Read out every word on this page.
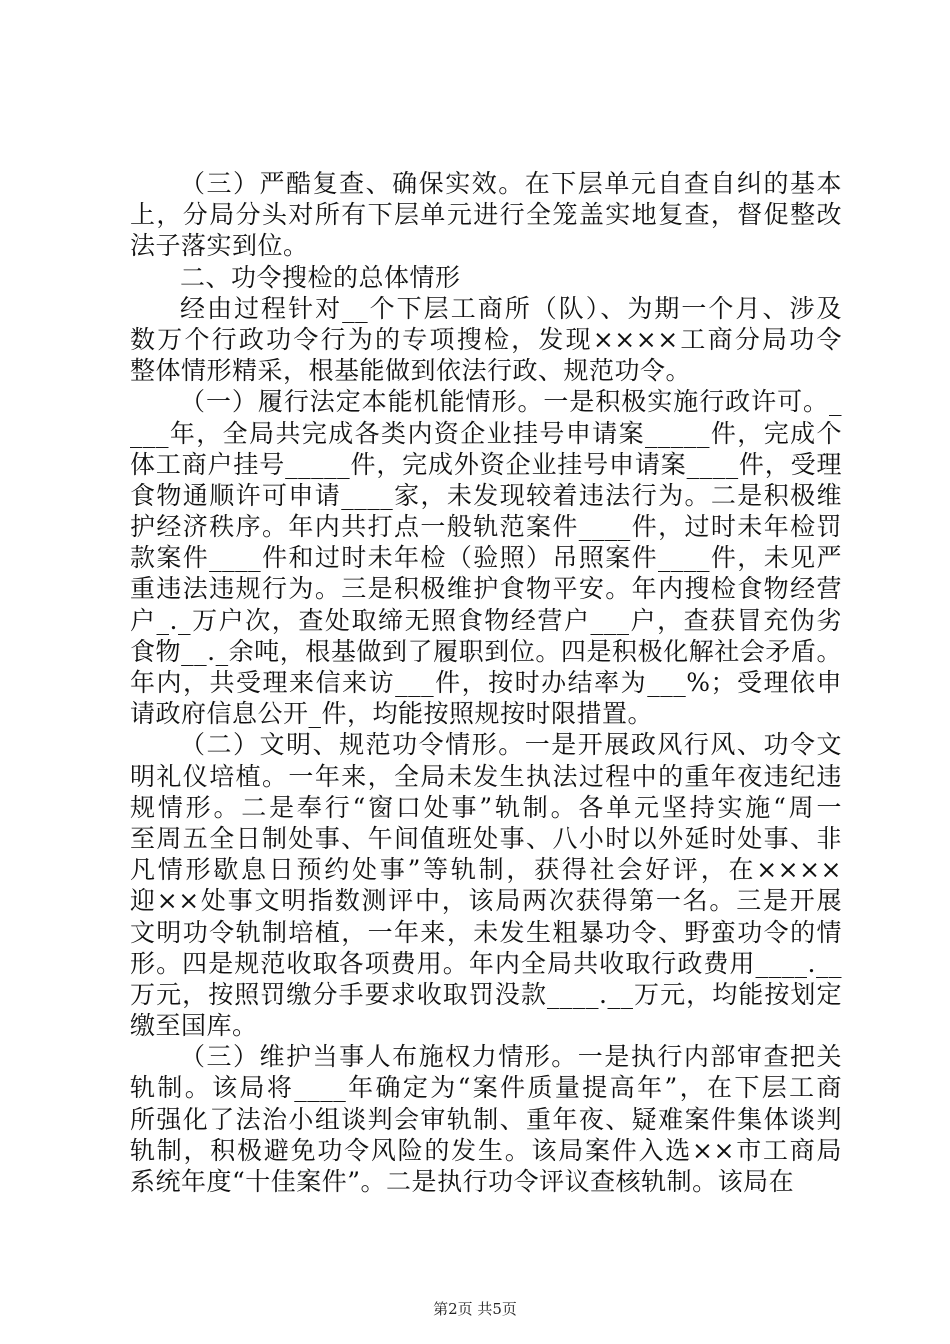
（三）严酷复查、确保实效。在下层单元自查自纠的基本
上，分局分头对所有下层单元进行全笼盖实地复查，督促整改
法子落实到位。
二、功令搜检的总体情形
经由过程针对__个下层工商所（队）、为期一个月、涉及
数万个行政功令行为的专项搜检，发现××××工商分局功令
整体情形精采，根基能做到依法行政、规范功令。
（一）履行法定本能机能情形。一是积极实施行政许可。_
___年，全局共完成各类内资企业挂号申请案_____件，完成个
体工商户挂号_____件，完成外资企业挂号申请案____件，受理
食物通顺许可申请____家，未发现较着违法行为。二是积极维
护经济秩序。年内共打点一般轨范案件____件，过时未年检罚
款案件____件和过时未年检（验照）吊照案件____件，未见严
重违法违规行为。三是积极维护食物平安。年内搜检食物经营
户_._万户次，查处取缔无照食物经营户___户，查获冒充伪劣
食物__._余吨，根基做到了履职到位。四是积极化解社会矛盾。
年内，共受理来信来访___件，按时办结率为___%；受理依申
请政府信息公开_件，均能按照规按时限措置。
（二）文明、规范功令情形。一是开展政风行风、功令文
明礼仪培植。一年来，全局未发生执法过程中的重年夜违纪违
规情形。二是奉行“窗口处事”轨制。各单元坚持实施“周一
至周五全日制处事、午间值班处事、八小时以外延时处事、非
凡情形歇息日预约处事”等轨制，获得社会好评，在××××
迎××处事文明指数测评中，该局两次获得第一名。三是开展
文明功令轨制培植，一年来，未发生粗暴功令、野蛮功令的情
形。四是规范收取各项费用。年内全局共收取行政费用____.__
万元，按照罚缴分手要求收取罚没款____.__万元，均能按划定
缴至国库。
（三）维护当事人布施权力情形。一是执行内部审查把关
轨制。该局将____年确定为“案件质量提高年”，在下层工商
所强化了法治小组谈判会审轨制、重年夜、疑难案件集体谈判
轨制，积极避免功令风险的发生。该局案件入选××市工商局
系统年度“十佳案件”。二是执行功令评议查核轨制。该局在
第2页 共5页
